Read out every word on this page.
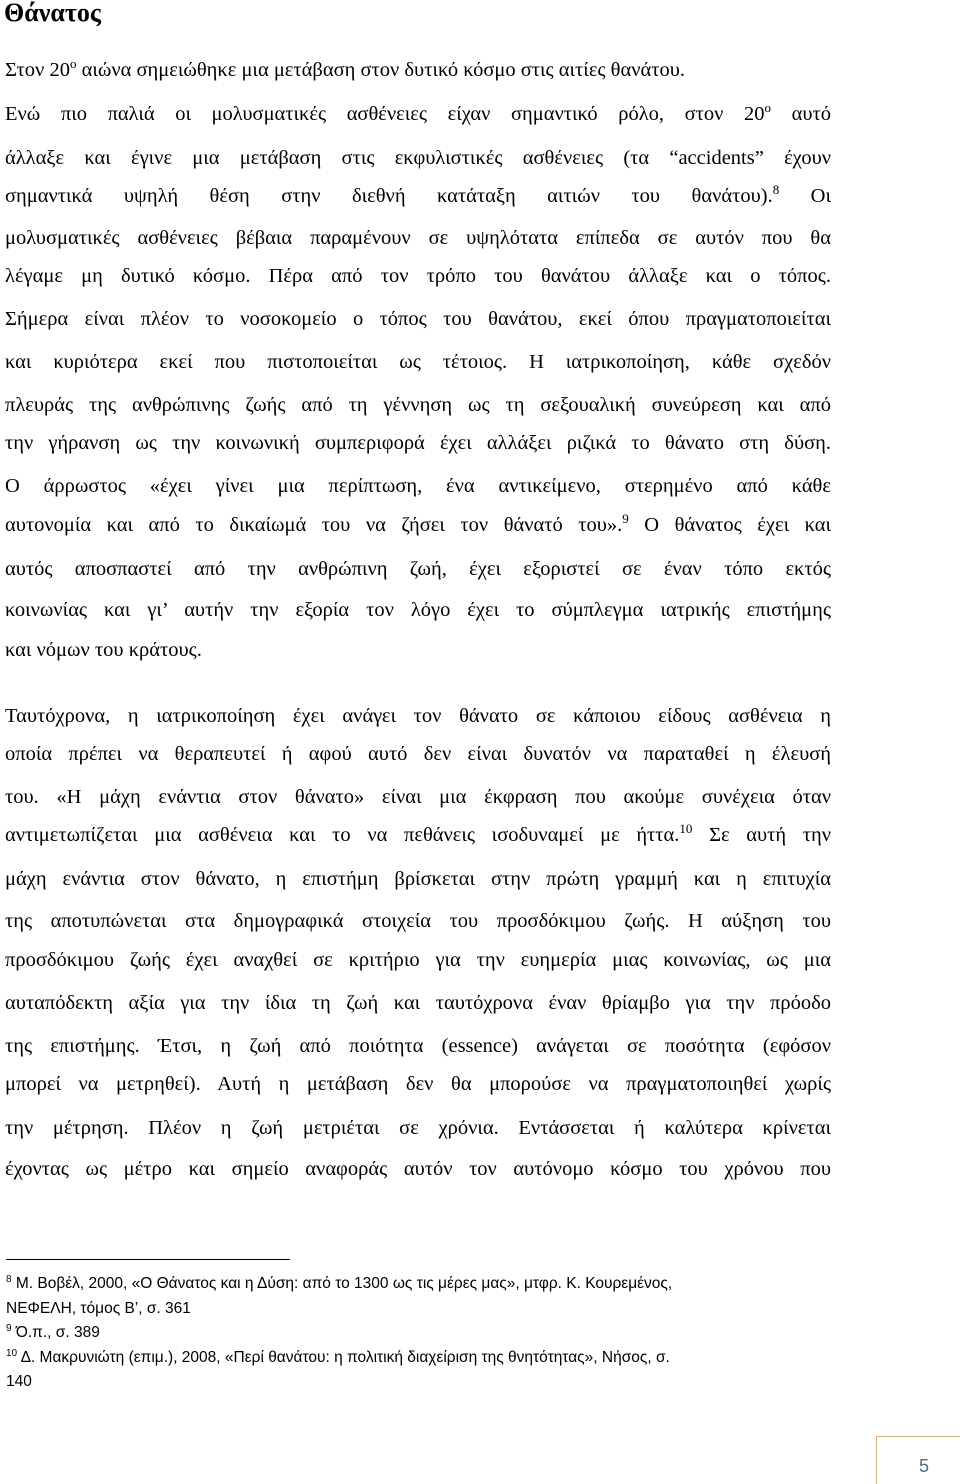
Θάνατος
Στον $20^o$ αιώνα σημειώθηκε μια μετάβαση στον δυτικό κόσμο στις αιτίες θανάτου.
Ενώ πιο παλιά οι μολυσματικές ασθένειες είχαν σημαντικό ρόλο, στον $20^o$ αυτό
άλλαξε και έγινε μια μετάβαση στις εκφυλιστικές ασθένειες (τα “accidents” έχουν
σημαντικά υψηλή θέση στην διεθνή κατάταξη αιτιών του θανάτου).$^8$ Οι
μολυσματικές ασθένειες βέβαια παραμένουν σε υψηλότατα επίπεδα σε αυτόν που θα
λέγαμε μη δυτικό κόσμο. Πέρα από τον τρόπο του θανάτου άλλαξε και ο τόπος.
Σήμερα είναι πλέον το νοσοκομείο ο τόπος του θανάτου, εκεί όπου πραγματοποιείται
και κυριότερα εκεί που πιστοποιείται ως τέτοιος. Η ιατρικοποίηση, κάθε σχεδόν
πλευράς της ανθρώπινης ζωής από τη γέννηση ως τη σεξουαλική συνεύρεση και από
την γήρανση ως την κοινωνική συμπεριφορά έχει αλλάξει ριζικά το θάνατο στη δύση.
Ο άρρωστος «έχει γίνει μια περίπτωση, ένα αντικείμενο, στερημένο από κάθε
αυτονομία και από το δικαίωμά του να ζήσει τον θάνατό του».$^9$ Ο θάνατος έχει και
αυτός αποσπαστεί από την ανθρώπινη ζωή, έχει εξοριστεί σε έναν τόπο εκτός
κοινωνίας και γι’ αυτήν την εξορία τον λόγο έχει το σύμπλεγμα ιατρικής επιστήμης
και νόμων του κράτους.
Ταυτόχρονα, η ιατρικοποίηση έχει ανάγει τον θάνατο σε κάποιου είδους ασθένεια η
οποία πρέπει να θεραπευτεί ή αφού αυτό δεν είναι δυνατόν να παραταθεί η έλευσή
του. «Η μάχη ενάντια στον θάνατο» είναι μια έκφραση που ακούμε συνέχεια όταν
αντιμετωπίζεται μια ασθένεια και το να πεθάνεις ισοδυναμεί με ήττα.$^{10}$ Σε αυτή την
μάχη ενάντια στον θάνατο, η επιστήμη βρίσκεται στην πρώτη γραμμή και η επιτυχία
της αποτυπώνεται στα δημογραφικά στοιχεία του προσδόκιμου ζωής. Η αύξηση του
προσδόκιμου ζωής έχει αναχθεί σε κριτήριο για την ευημερία μιας κοινωνίας, ως μια
αυταπόδεκτη αξία για την ίδια τη ζωή και ταυτόχρονα έναν θρίαμβο για την πρόοδο
της επιστήμης. Έτσι, η ζωή από ποιότητα (essence) ανάγεται σε ποσότητα (εφόσον
μπορεί να μετρηθεί). Αυτή η μετάβαση δεν θα μπορούσε να πραγματοποιηθεί χωρίς
την μέτρηση. Πλέον η ζωή μετριέται σε χρόνια. Εντάσσεται ή καλύτερα κρίνεται
έχοντας ως μέτρο και σημείο αναφοράς αυτόν τον αυτόνομο κόσμο του χρόνου που
$^8$ Μ. Βοβέλ, 2000, «Ο Θάνατος και η Δύση: από το 1300 ως τις μέρες μας», μτφρ. Κ. Κουρεμένος,
ΝΕΦΕΛΗ, τόμος Β’, σ. 361
$^9$ Ό.π., σ. 389
$^{10}$ Δ. Μακρυνιώτη (επιμ.), 2008, «Περί θανάτου: η πολιτική διαχείριση της θνητότητας», Νήσος, σ.
140
5
